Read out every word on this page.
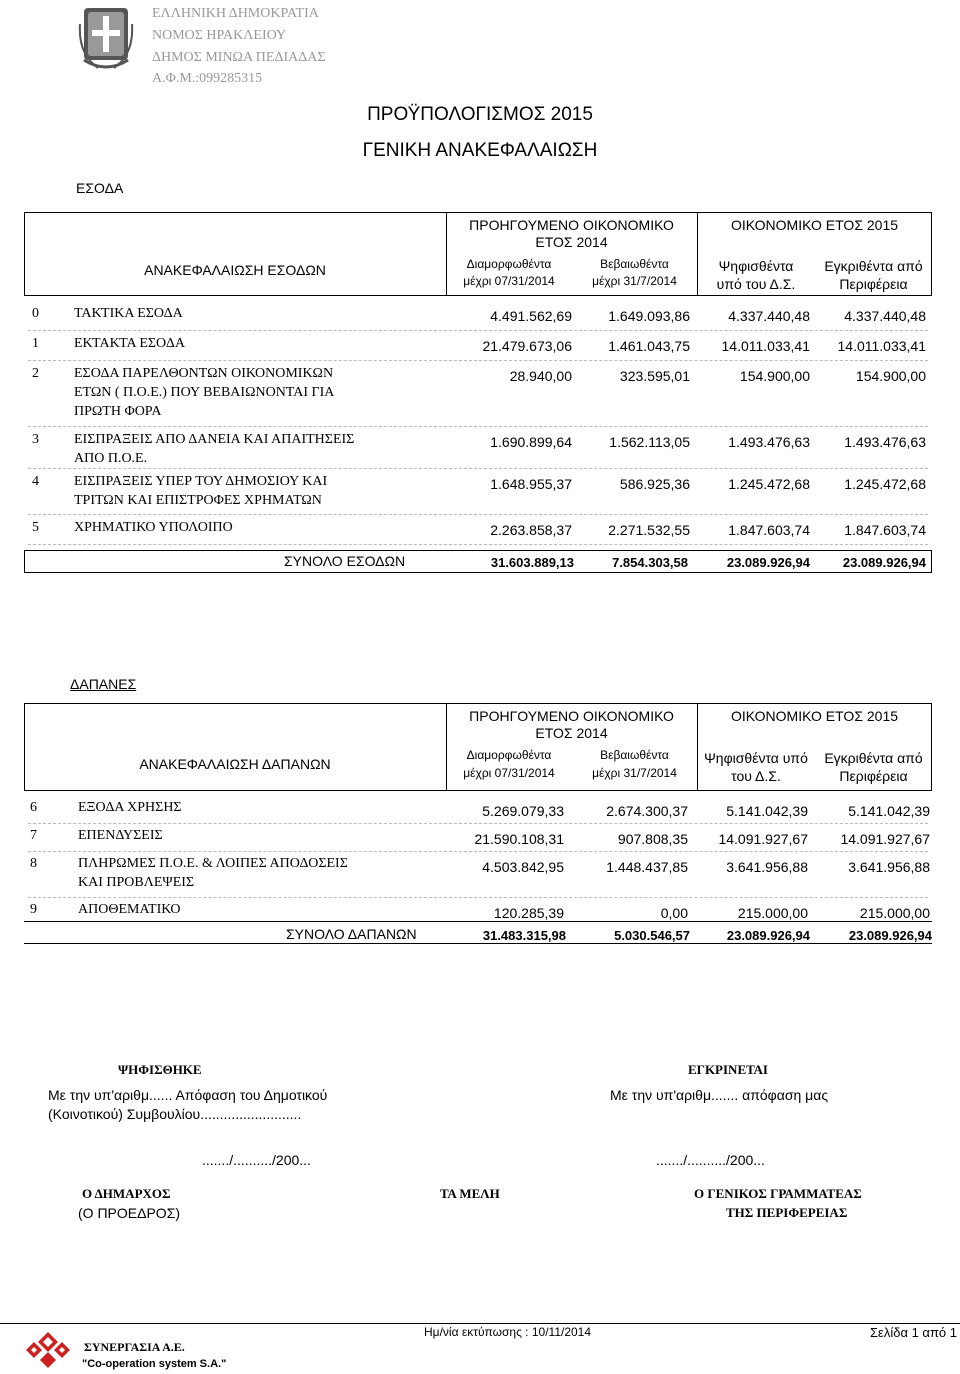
ΕΛΛΗΝΙΚΗ ΔΗΜΟΚΡΑΤΙΑ
ΝΟΜΟΣ ΗΡΑΚΛΕΙΟΥ
ΔΗΜΟΣ ΜΙΝΩΑ ΠΕΔΙΑΔΑΣ
Α.Φ.Μ.:099285315
ΠΡΟΫΠΟΛΟΓΙΣΜΟΣ 2015
ΓΕΝΙΚΗ ΑΝΑΚΕΦΑΛΑΙΩΣΗ
ΕΣΟΔΑ
ΑΝΑΚΕΦΑΛΑΙΩΣΗ ΕΣΟΔΩΝ
ΠΡΟΗΓΟΥΜΕΝΟ ΟΙΚΟΝΟΜΙΚΟ
ΕΤΟΣ 2014
ΟΙΚΟΝΟΜΙΚΟ ΕΤΟΣ 2015
Διαμορφωθέντα
μέχρι 07/31/2014
Βεβαιωθέντα
μέχρι 31/7/2014
Ψηφισθέντα
υπό του Δ.Σ.
Εγκριθέντα από
Περιφέρεια
0	ΤΑΚΤΙΚΑ ΕΣΟΔΑ	4.491.562,69	1.649.093,86	4.337.440,48	4.337.440,48
1	ΕΚΤΑΚΤΑ ΕΣΟΔΑ	21.479.673,06	1.461.043,75	14.011.033,41	14.011.033,41
2	ΕΣΟΔΑ ΠΑΡΕΛΘΟΝΤΩΝ ΟΙΚΟΝΟΜΙΚΩΝ
ΕΤΩΝ ( Π.Ο.Ε.) ΠΟΥ ΒΕΒΑΙΩΝΟΝΤΑΙ ΓΙΑ
ΠΡΩΤΗ ΦΟΡΑ
28.940,00	323.595,01	154.900,00	154.900,00
3	ΕΙΣΠΡΑΞΕΙΣ ΑΠΟ ΔΑΝΕΙΑ ΚΑΙ ΑΠΑΙΤΗΣΕΙΣ
ΑΠΟ Π.Ο.Ε.
1.690.899,64	1.562.113,05	1.493.476,63	1.493.476,63
4	ΕΙΣΠΡΑΞΕΙΣ ΥΠΕΡ ΤΟΥ ΔΗΜΟΣΙΟΥ ΚΑΙ
ΤΡΙΤΩΝ ΚΑΙ ΕΠΙΣΤΡΟΦΕΣ ΧΡΗΜΑΤΩΝ
1.648.955,37	586.925,36	1.245.472,68	1.245.472,68
5	ΧΡΗΜΑΤΙΚΟ ΥΠΟΛΟΙΠΟ	2.263.858,37	2.271.532,55	1.847.603,74	1.847.603,74
ΣΥΝΟΛΟ ΕΣΟΔΩΝ	31.603.889,13	7.854.303,58	23.089.926,94	23.089.926,94
ΔΑΠΑΝΕΣ
ΑΝΑΚΕΦΑΛΑΙΩΣΗ ΔΑΠΑΝΩΝ
ΠΡΟΗΓΟΥΜΕΝΟ ΟΙΚΟΝΟΜΙΚΟ
ΕΤΟΣ 2014
ΟΙΚΟΝΟΜΙΚΟ ΕΤΟΣ 2015
Διαμορφωθέντα
μέχρι 07/31/2014
Βεβαιωθέντα
μέχρι 31/7/2014
Ψηφισθέντα υπό
του Δ.Σ.
Εγκριθέντα από
Περιφέρεια
6	ΕΞΟΔΑ ΧΡΗΣΗΣ	5.269.079,33	2.674.300,37	5.141.042,39	5.141.042,39
7	ΕΠΕΝΔΥΣΕΙΣ	21.590.108,31	907.808,35	14.091.927,67	14.091.927,67
8	ΠΛΗΡΩΜΕΣ Π.Ο.Ε. & ΛΟΙΠΕΣ ΑΠΟΔΟΣΕΙΣ
ΚΑΙ ΠΡΟΒΛΕΨΕΙΣ
4.503.842,95	1.448.437,85	3.641.956,88	3.641.956,88
9	ΑΠΟΘΕΜΑΤΙΚΟ	120.285,39	0,00	215.000,00	215.000,00
ΣΥΝΟΛΟ ΔΑΠΑΝΩΝ	31.483.315,98	5.030.546,57	23.089.926,94	23.089.926,94
ΨΗΦΙΣΘΗΚΕ
Με την υπ'αριθμ...... Απόφαση του Δημοτικού
(Κοινοτικού) Συμβουλίου..........................
ΕΓΚΡΙΝΕΤΑΙ
Με την υπ'αριθμ....... απόφαση μας
......./........../200...	......./........../200...
Ο ΔΗΜΑΡΧΟΣ
(Ο ΠΡΟΕΔΡΟΣ)
ΤΑ ΜΕΛΗ	Ο ΓΕΝΙΚΟΣ ΓΡΑΜΜΑΤΕΑΣ
ΤΗΣ ΠΕΡΙΦΕΡΕΙΑΣ
ΣΥΝΕΡΓΑΣΙΑ Α.Ε.
"Co-operation system S.A."
Ημ/νία εκτύπωσης : 10/11/2014	Σελίδα 1 από 1
